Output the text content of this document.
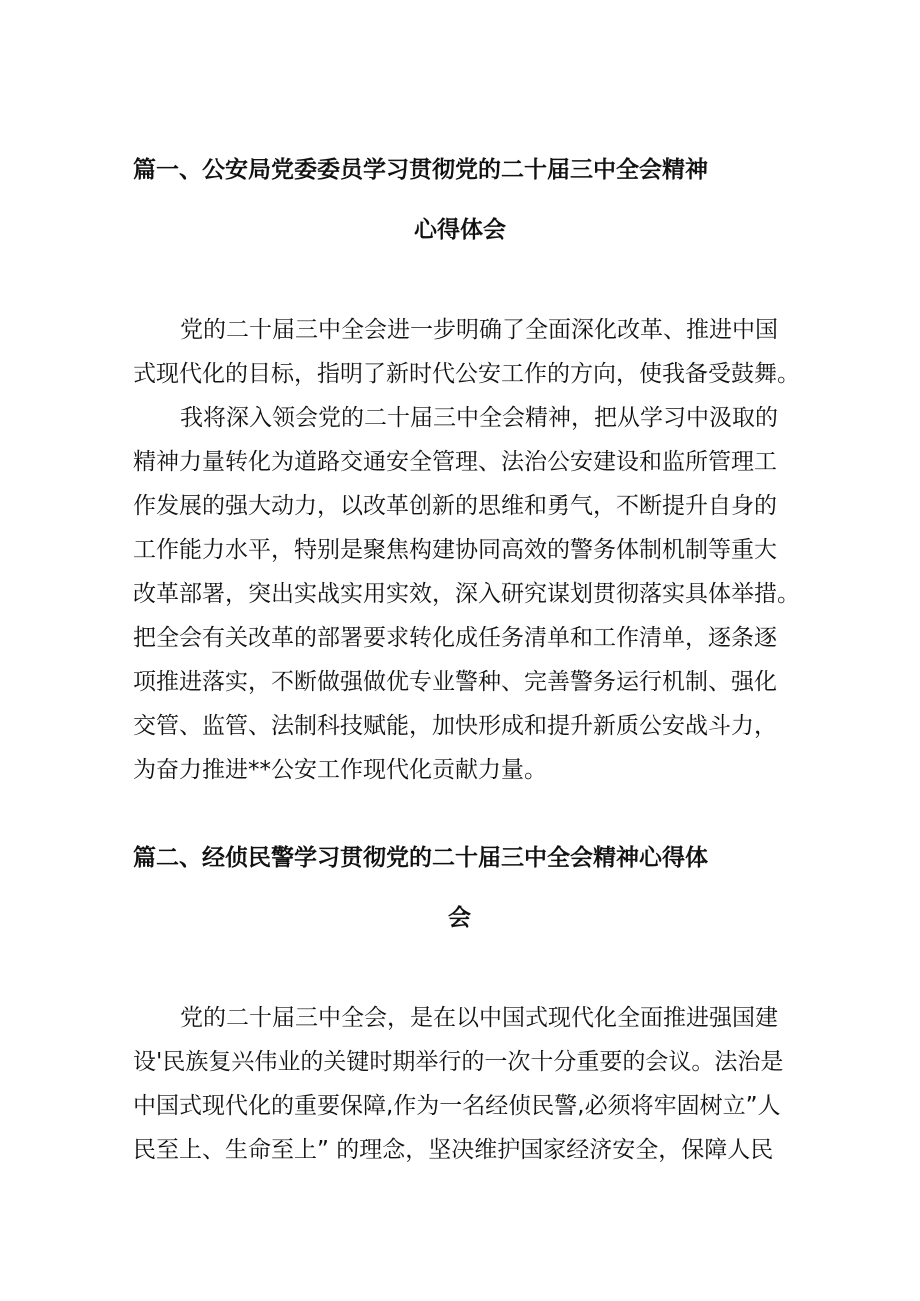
篇一、公安局党委委员学习贯彻党的二十届三中全会精神
心得体会
党的二十届三中全会进一步明确了全面深化改革、推进中国
式现代化的目标，指明了新时代公安工作的方向，使我备受鼓舞。
我将深入领会党的二十届三中全会精神，把从学习中汲取的
精神力量转化为道路交通安全管理、法治公安建设和监所管理工
作发展的强大动力，以改革创新的思维和勇气，不断提升自身的
工作能力水平，特别是聚焦构建协同高效的警务体制机制等重大
改革部署，突出实战实用实效，深入研究谋划贯彻落实具体举措。
把全会有关改革的部署要求转化成任务清单和工作清单，逐条逐
项推进落实，不断做强做优专业警种、完善警务运行机制、强化
交管、监管、法制科技赋能，加快形成和提升新质公安战斗力，
为奋力推进**公安工作现代化贡献力量。
篇二、经侦民警学习贯彻党的二十届三中全会精神心得体
会
党的二十届三中全会，是在以中国式现代化全面推进强国建
设'民族复兴伟业的关键时期举行的一次十分重要的会议。法治是
中国式现代化的重要保障,作为一名经侦民警,必须将牢固树立”人
民至上、生命至上” 的理念，坚决维护国家经济安全，保障人民
